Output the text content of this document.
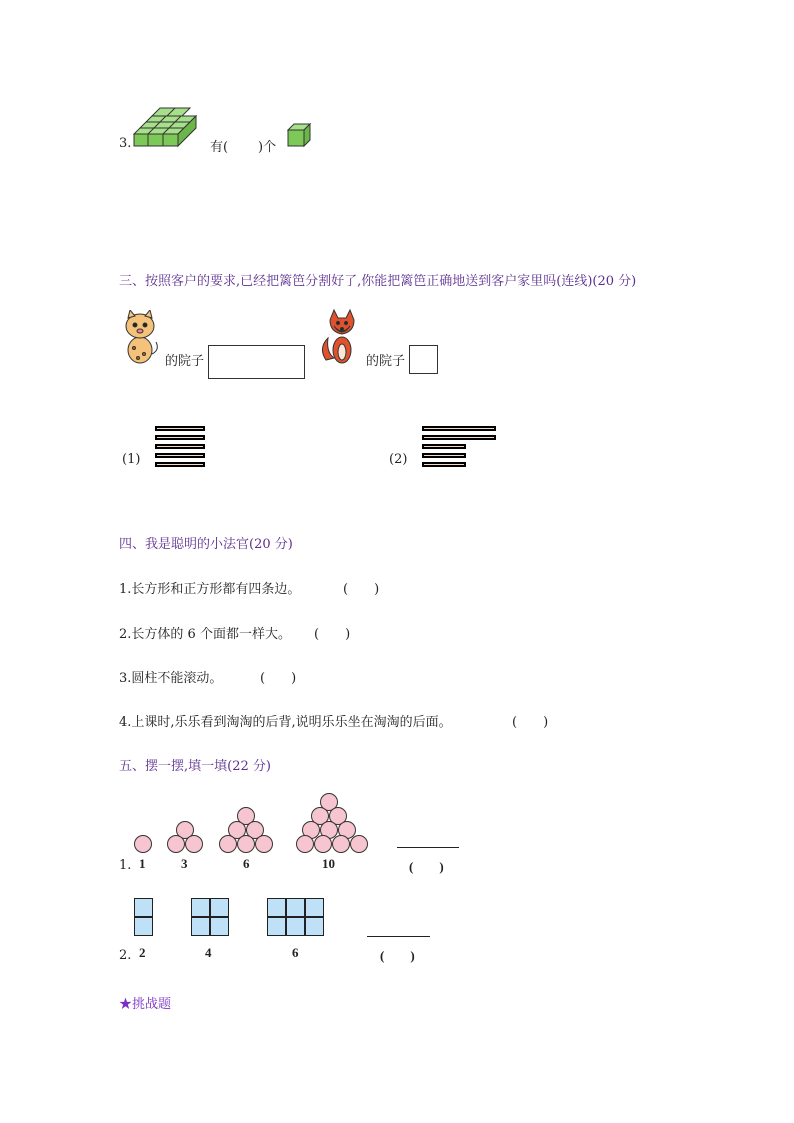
3.	有( )个
三、按照客户的要求,已经把篱笆分割好了,你能把篱笆正确地送到客户家里吗(连线)(20 分)
的院子	的院子
(1)	(2)
四、我是聪明的小法官(20 分)
1.长方形和正方形都有四条边。	(　　)
2.长方体的 6 个面都一样大。 (　　)
3.圆柱不能滚动。	(　　)
4.上课时,乐乐看到淘淘的后背,说明乐乐坐在淘淘的后面。	(　　)
五、摆一摆,填一填(22 分)
1. 1	3	6	10	(　　)
2. 2	4	6	(　　)
★挑战题
